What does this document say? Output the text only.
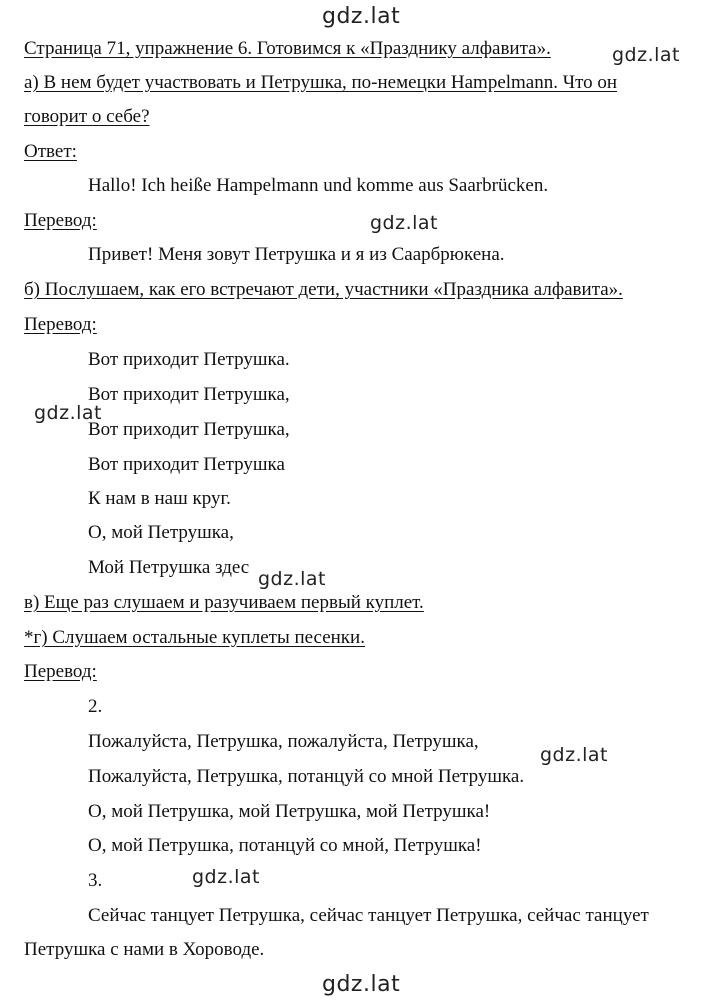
gdz.lat
gdz.lat
gdz.lat
gdz.lat
gdz.lat
gdz.lat
gdz.lat
gdz.lat
Страница 71, упражнение 6. Готовимся к «Празднику алфавита».
а) В нем будет участвовать и Петрушка, по-немецки Hampelmann. Что он
говорит о себе?
Ответ:
Hallo! Ich heiße Hampelmann und komme aus Saarbrücken.
Перевод:
Привет! Меня зовут Петрушка и я из Саарбрюкена.
б) Послушаем, как его встречают дети, участники «Праздника алфавита».
Перевод:
Вот приходит Петрушка.
Вот приходит Петрушка,
Вот приходит Петрушка,
Вот приходит Петрушка
К нам в наш круг.
О, мой Петрушка,
Мой Петрушка здес
в) Еще раз слушаем и разучиваем первый куплет.
*г) Слушаем остальные куплеты песенки.
Перевод:
2.
Пожалуйста, Петрушка, пожалуйста, Петрушка,
Пожалуйста, Петрушка, потанцуй со мной Петрушка.
О, мой Петрушка, мой Петрушка, мой Петрушка!
О, мой Петрушка, потанцуй со мной, Петрушка!
3.
Сейчас танцует Петрушка, сейчас танцует Петрушка, сейчас танцует
Петрушка с нами в Хороводе.
